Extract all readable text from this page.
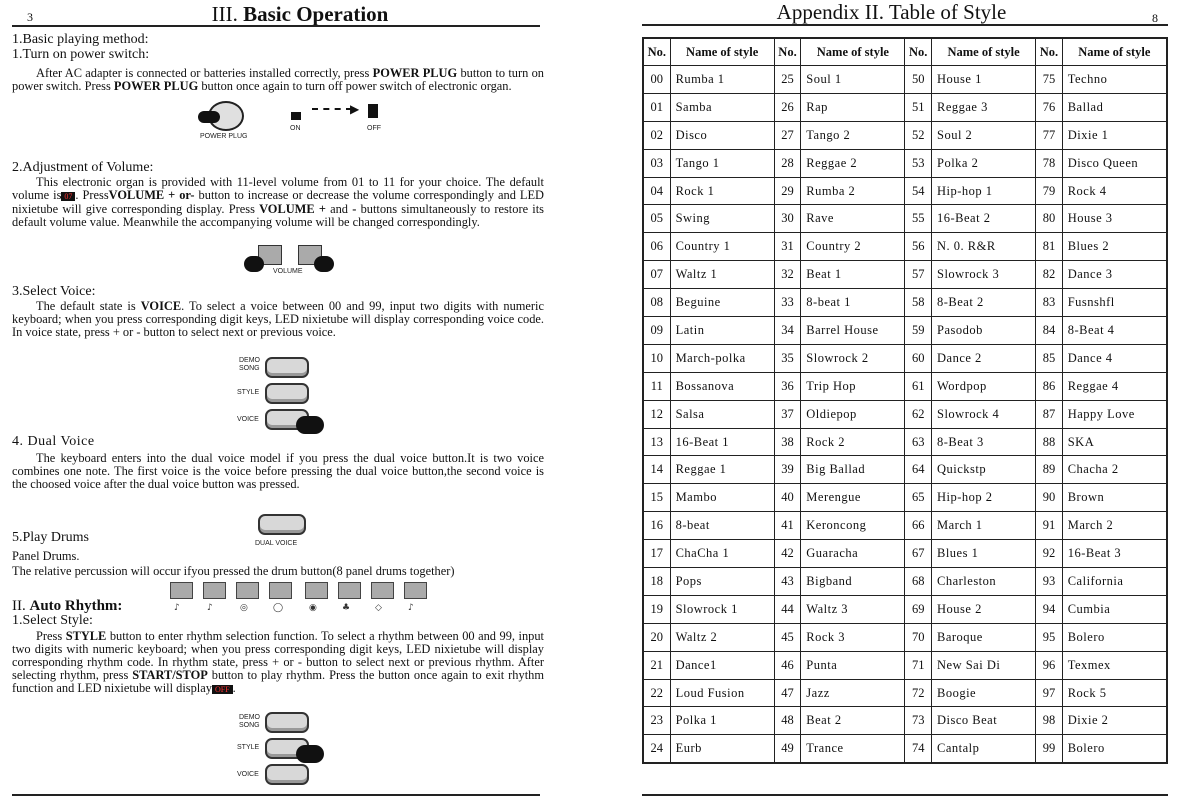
3	III. Basic Operation
1.Basic playing method:
1.Turn on power switch:
After AC adapter is connected or batteries installed correctly, press POWER PLUG button to turn on power switch. Press POWER PLUG button once again to turn off power switch of electronic organ.
POWER PLUG
ON
▶
OFF
2.Adjustment of Volume:
This electronic organ is provided with 11-level volume from 01 to 11 for your choice. The default volume is 07 . PressVOLUME + or- button to increase or decrease the volume correspondingly and LED nixietube will give corresponding display. Press VOLUME + and - buttons simultaneously to restore its default volume value. Meanwhile the accompanying volume will be changed correspondingly.
VOLUME
3.Select Voice:
The default state is VOICE. To select a voice between 00 and 99, input two digits with numeric keyboard; when you press corresponding digit keys, LED nixietube will display corresponding voice code. In voice state, press + or - button to select next or previous voice.
DEMO
SONG
STYLE
VOICE
4. Dual Voice
The keyboard enters into the dual voice model if you press the dual voice button.It is two voice combines one note. The first voice is the voice before pressing the dual voice button,the second voice is the choosed voice after the dual voice button was pressed.
DUAL VOICE
5.Play Drums
Panel Drums.
The relative percussion will occur ifyou pressed the drum button(8 panel drums together)
♪	♪	◎	◯	◉	♣	◇	♪
II. Auto Rhythm:
1.Select Style:
Press STYLE button to enter rhythm selection function. To select a rhythm between 00 and 99, input two digits with numeric keyboard; when you press corresponding digit keys, LED nixietube will display corresponding rhythm code. In rhythm state, press + or - button to select next or previous rhythm. After selecting rhythm, press START/STOP button to play rhythm. Press the button once again to exit rhythm function and LED nixietube will display OFF .
DEMO
SONG
STYLE
VOICE
Appendix II. Table of Style	8
No.	Name of style	No.	Name of style	No.	Name of style	No.	Name of style
00	Rumba 1	25	Soul 1	50	House 1	75	Techno
01	Samba	26	Rap	51	Reggae 3	76	Ballad
02	Disco	27	Tango 2	52	Soul 2	77	Dixie 1
03	Tango 1	28	Reggae 2	53	Polka 2	78	Disco Queen
04	Rock 1	29	Rumba 2	54	Hip-hop 1	79	Rock 4
05	Swing	30	Rave	55	16-Beat 2	80	House 3
06	Country 1	31	Country 2	56	N. 0. R&R	81	Blues 2
07	Waltz 1	32	Beat 1	57	Slowrock 3	82	Dance 3
08	Beguine	33	8-beat 1	58	8-Beat 2	83	Fusnshfl
09	Latin	34	Barrel House	59	Pasodob	84	8-Beat 4
10	March-polka	35	Slowrock 2	60	Dance 2	85	Dance 4
11	Bossanova	36	Trip Hop	61	Wordpop	86	Reggae 4
12	Salsa	37	Oldiepop	62	Slowrock 4	87	Happy Love
13	16-Beat 1	38	Rock 2	63	8-Beat 3	88	SKA
14	Reggae 1	39	Big Ballad	64	Quickstp	89	Chacha 2
15	Mambo	40	Merengue	65	Hip-hop 2	90	Brown
16	8-beat	41	Keroncong	66	March 1	91	March 2
17	ChaCha 1	42	Guaracha	67	Blues 1	92	16-Beat 3
18	Pops	43	Bigband	68	Charleston	93	California
19	Slowrock 1	44	Waltz 3	69	House 2	94	Cumbia
20	Waltz 2	45	Rock 3	70	Baroque	95	Bolero
21	Dance1	46	Punta	71	New Sai Di	96	Texmex
22	Loud Fusion	47	Jazz	72	Boogie	97	Rock 5
23	Polka 1	48	Beat 2	73	Disco Beat	98	Dixie 2
24	Eurb	49	Trance	74	Cantalp	99	Bolero
